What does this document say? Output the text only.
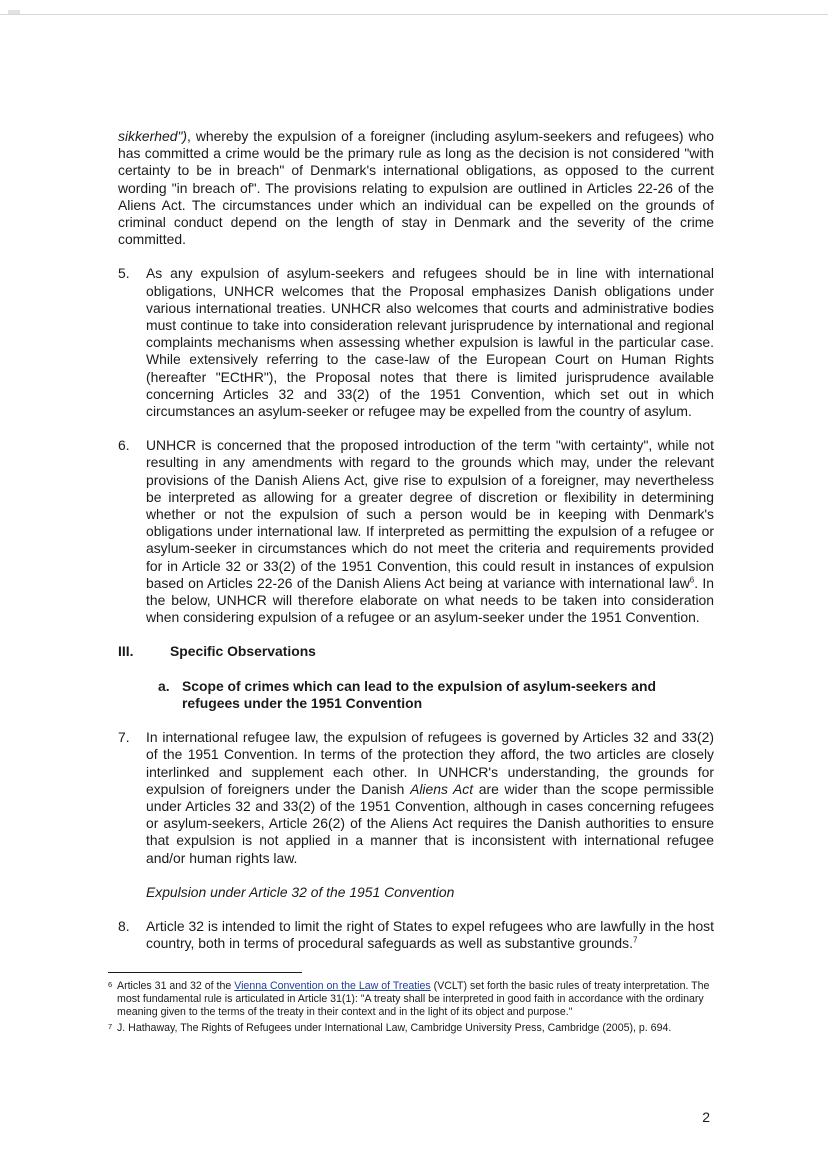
sikkerhed"), whereby the expulsion of a foreigner (including asylum-seekers and refugees) who has committed a crime would be the primary rule as long as the decision is not considered "with certainty to be in breach" of Denmark's international obligations, as opposed to the current wording "in breach of". The provisions relating to expulsion are outlined in Articles 22-26 of the Aliens Act. The circumstances under which an individual can be expelled on the grounds of criminal conduct depend on the length of stay in Denmark and the severity of the crime committed.

5.	As any expulsion of asylum-seekers and refugees should be in line with international obligations, UNHCR welcomes that the Proposal emphasizes Danish obligations under various international treaties. UNHCR also welcomes that courts and administrative bodies must continue to take into consideration relevant jurisprudence by international and regional complaints mechanisms when assessing whether expulsion is lawful in the particular case. While extensively referring to the case-law of the European Court on Human Rights (hereafter "ECtHR"), the Proposal notes that there is limited jurisprudence available concerning Articles 32 and 33(2) of the 1951 Convention, which set out in which circumstances an asylum-seeker or refugee may be expelled from the country of asylum.
6.	UNHCR is concerned that the proposed introduction of the term "with certainty", while not resulting in any amendments with regard to the grounds which may, under the relevant provisions of the Danish Aliens Act, give rise to expulsion of a foreigner, may nevertheless be interpreted as allowing for a greater degree of discretion or flexibility in determining whether or not the expulsion of such a person would be in keeping with Denmark's obligations under international law. If interpreted as permitting the expulsion of a refugee or asylum-seeker in circumstances which do not meet the criteria and requirements provided for in Article 32 or 33(2) of the 1951 Convention, this could result in instances of expulsion based on Articles 22-26 of the Danish Aliens Act being at variance with international law$^6$. In the below, UNHCR will therefore elaborate on what needs to be taken into consideration when considering expulsion of a refugee or an asylum-seeker under the 1951 Convention.
III.	Specific Observations
a. Scope of crimes which can lead to the expulsion of asylum-seekers and refugees under the 1951 Convention
7.	In international refugee law, the expulsion of refugees is governed by Articles 32 and 33(2) of the 1951 Convention. In terms of the protection they afford, the two articles are closely interlinked and supplement each other. In UNHCR's understanding, the grounds for expulsion of foreigners under the Danish Aliens Act are wider than the scope permissible under Articles 32 and 33(2) of the 1951 Convention, although in cases concerning refugees or asylum-seekers, Article 26(2) of the Aliens Act requires the Danish authorities to ensure that expulsion is not applied in a manner that is inconsistent with international refugee and/or human rights law.
Expulsion under Article 32 of the 1951 Convention
8.	Article 32 is intended to limit the right of States to expel refugees who are lawfully in the host country, both in terms of procedural safeguards as well as substantive grounds.$^7$
6 Articles 31 and 32 of the Vienna Convention on the Law of Treaties (VCLT) set forth the basic rules of treaty interpretation. The most fundamental rule is articulated in Article 31(1): "A treaty shall be interpreted in good faith in accordance with the ordinary meaning given to the terms of the treaty in their context and in the light of its object and purpose."
7 J. Hathaway, The Rights of Refugees under International Law, Cambridge University Press, Cambridge (2005), p. 694.
2
